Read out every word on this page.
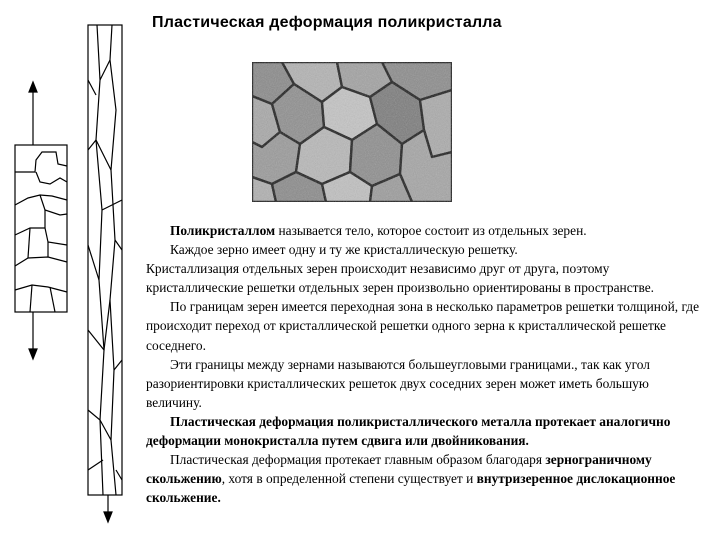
Пластическая деформация поликристалла

Поликристаллом называется тело, которое состоит из отдельных зерен.

Каждое зерно имеет одну и ту же кристаллическую решетку.

Кристаллизация отдельных зерен происходит независимо друг от друга, поэтому кристаллические решетки отдельных зерен произвольно ориентированы в пространстве.

По границам зерен имеется переходная зона в несколько параметров решетки толщиной, где происходит переход от кристаллической решетки одного зерна к кристаллической решетке соседнего.

Эти границы между зернами называются большеугловыми границами., так как угол разориентировки кристаллических решеток двух соседних зерен может иметь большую величину.

Пластическая деформация поликристаллического металла протекает аналогично деформации монокристалла путем сдвига или двойникования.

Пластическая деформация протекает главным образом благодаря зернограничному скольжению, хотя в определенной степени существует и внутризеренное дислокационное скольжение.
